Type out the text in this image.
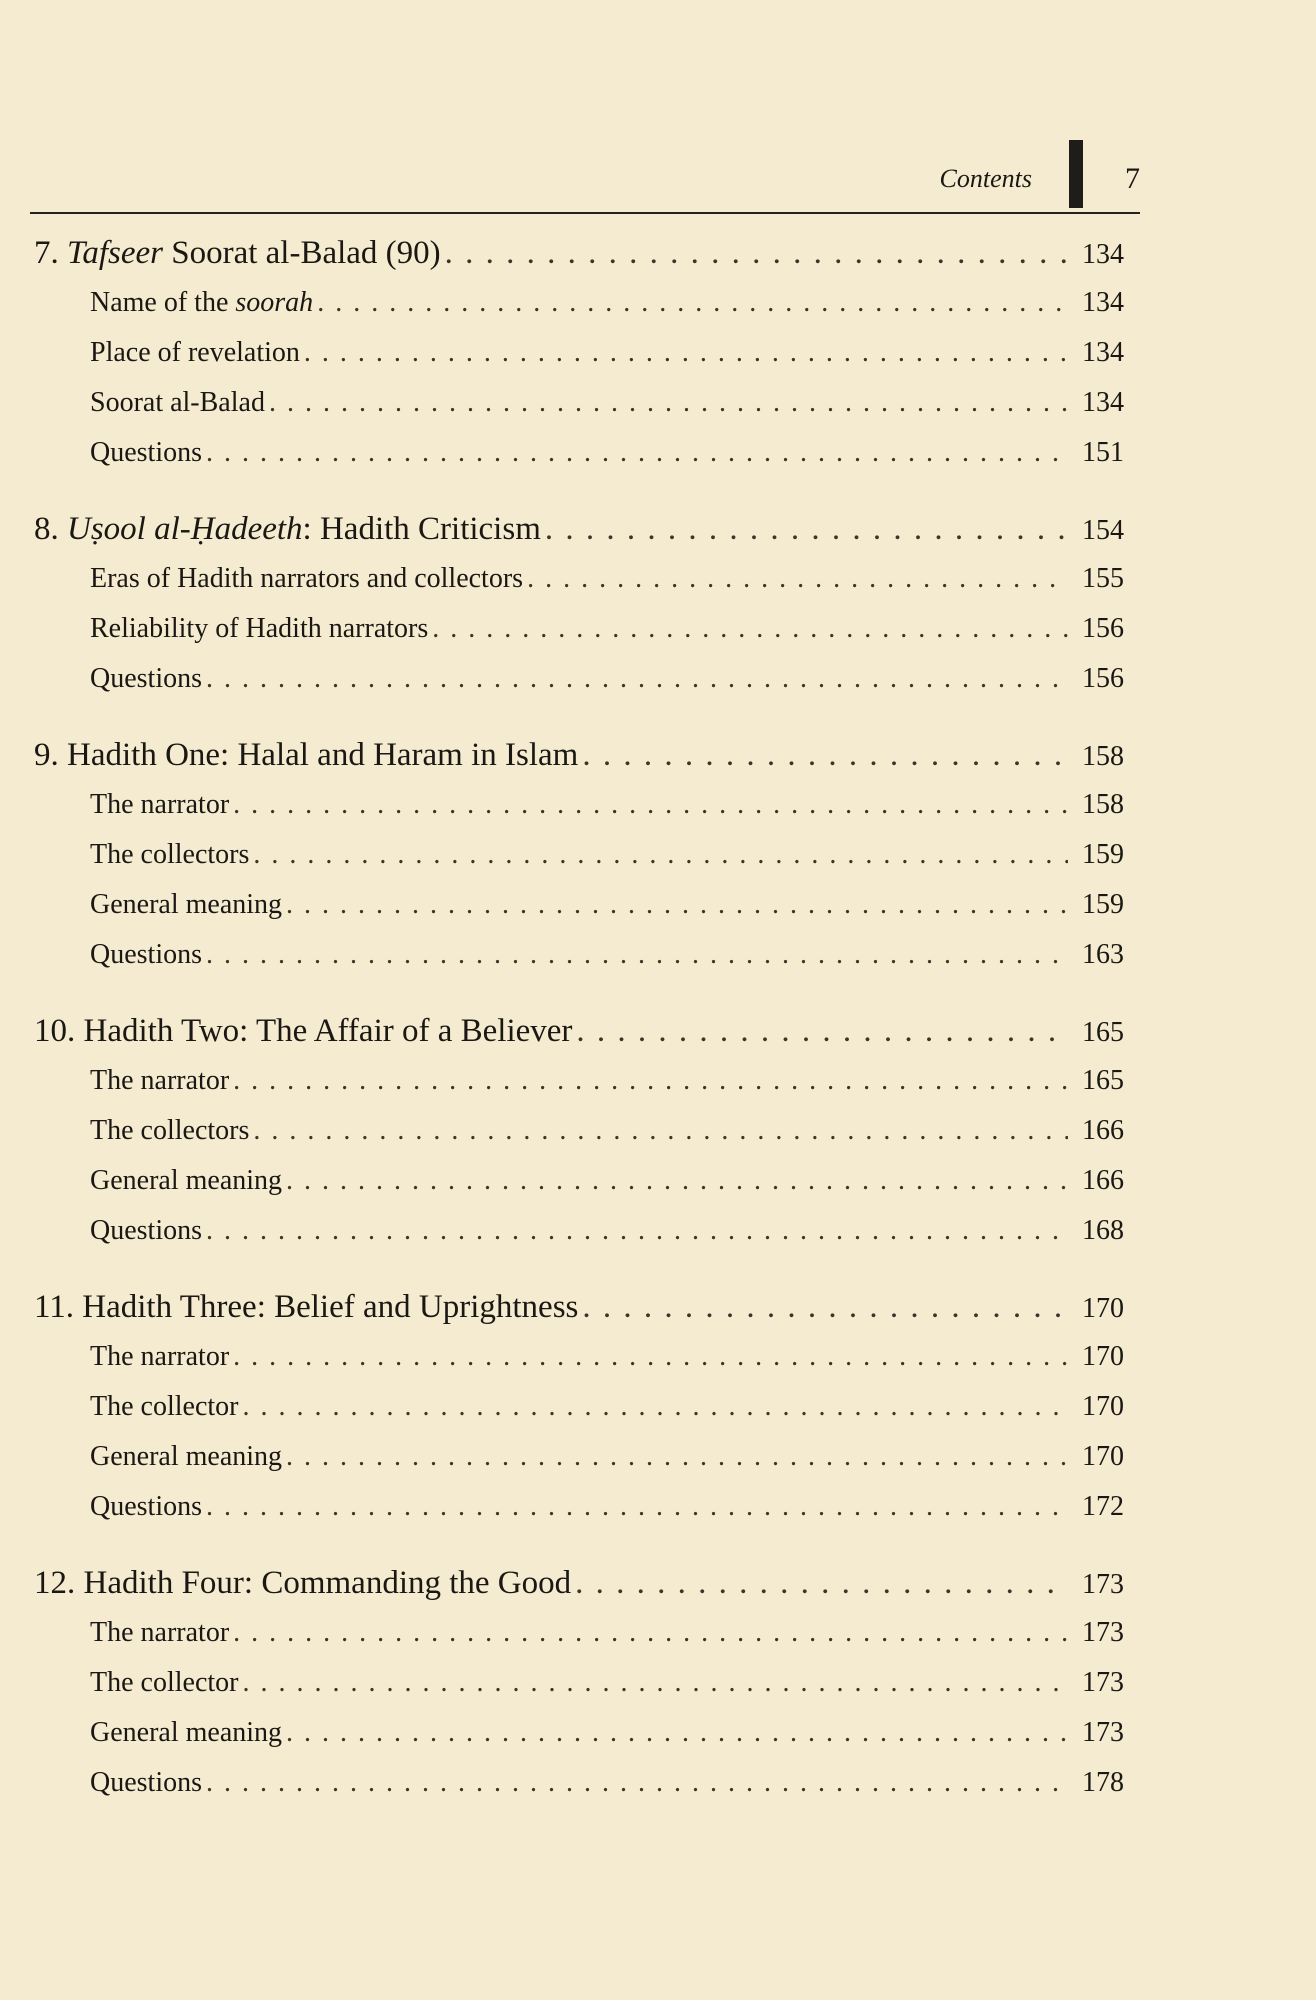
Contents	7
7. Tafseer Soorat al-Balad (90) . . .	134
Name of the soorah . . .	134
Place of revelation . . .	134
Soorat al-Balad . . .	134
Questions . . .	151
8. Uṣool al-Ḥadeeth: Hadith Criticism . . .	154
Eras of Hadith narrators and collectors . . .	155
Reliability of Hadith narrators . . .	156
Questions . . .	156
9. Hadith One: Halal and Haram in Islam . . .	158
The narrator . . .	158
The collectors . . .	159
General meaning . . .	159
Questions . . .	163
10. Hadith Two: The Affair of a Believer . . .	165
The narrator . . .	165
The collectors . . .	166
General meaning . . .	166
Questions . . .	168
11. Hadith Three: Belief and Uprightness . . .	170
The narrator . . .	170
The collector . . .	170
General meaning . . .	170
Questions . . .	172
12. Hadith Four: Commanding the Good . . .	173
The narrator . . .	173
The collector . . .	173
General meaning . . .	173
Questions . . .	178
